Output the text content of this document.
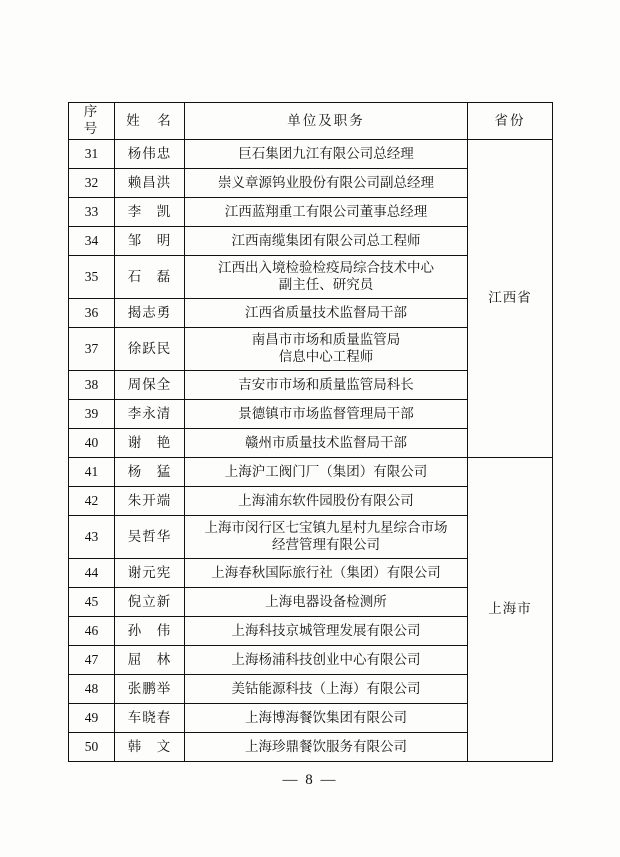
序　号	姓　名	单位及职务	省份
31	杨伟忠	巨石集团九江有限公司总经理	江西省
32	赖昌洪	崇义章源钨业股份有限公司副总经理	
33	李　凯	江西蓝翔重工有限公司董事总经理	
34	邹　明	江西南缆集团有限公司总工程师	
35	石　磊	江西出入境检验检疫局综合技术中心
副主任、研究员	

36	揭志勇	江西省质量技术监督局干部	
37	徐跃民	南昌市市场和质量监管局
信息中心工程师	

38	周保全	吉安市市场和质量监管局科长	
39	李永清	景德镇市市场监督管理局干部	
40	谢　艳	赣州市质量技术监督局干部	
41	杨　猛	上海沪工阀门厂（集团）有限公司	上海市
42	朱开端	上海浦东软件园股份有限公司	
43	吴哲华	上海市闵行区七宝镇九星村九星综合市场
经营管理有限公司	

44	谢元宪	上海春秋国际旅行社（集团）有限公司	
45	倪立新	上海电器设备检测所	
46	孙　伟	上海科技京城管理发展有限公司	
47	屈　林	上海杨浦科技创业中心有限公司	
48	张鹏举	美钴能源科技（上海）有限公司	
49	车晓春	上海博海餐饮集团有限公司	
50	韩　文	上海珍鼎餐饮服务有限公司	
— 8 —
